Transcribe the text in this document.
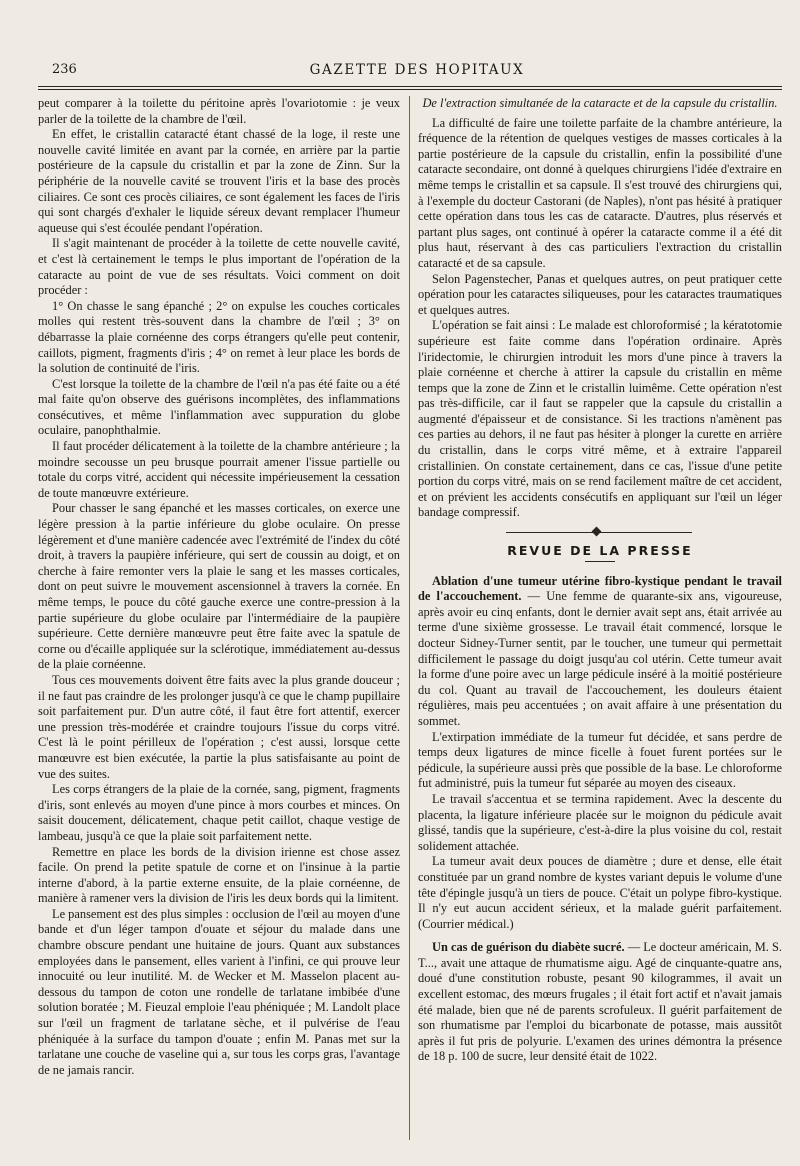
236	GAZETTE DES HOPITAUX

peut comparer à la toilette du péritoine après l'ovariotomie : je veux parler de la toilette de la chambre de l'œil.

En effet, le cristallin cataracté étant chassé de la loge, il reste une nouvelle cavité limitée en avant par la cornée, en arrière par la partie postérieure de la capsule du cristallin et par la zone de Zinn. Sur la périphérie de la nouvelle cavité se trouvent l'iris et la base des procès ciliaires. Ce sont ces procès ciliaires, ce sont également les faces de l'iris qui sont chargés d'exhaler le liquide séreux devant remplacer l'humeur aqueuse qui s'est écoulée pendant l'opération.

Il s'agit maintenant de procéder à la toilette de cette nouvelle cavité, et c'est là certainement le temps le plus important de l'opération de la cataracte au point de vue de ses résultats. Voici comment on doit procéder :

1° On chasse le sang épanché ; 2° on expulse les couches corticales molles qui restent très-souvent dans la chambre de l'œil ; 3° on débarrasse la plaie cornéenne des corps étrangers qu'elle peut contenir, caillots, pigment, fragments d'iris ; 4° on remet à leur place les bords de la solution de continuité de l'iris.

C'est lorsque la toilette de la chambre de l'œil n'a pas été faite ou a été mal faite qu'on observe des guérisons incomplètes, des inflammations consécutives, et même l'inflammation avec suppuration du globe oculaire, panophthalmie.

Il faut procéder délicatement à la toilette de la chambre antérieure ; la moindre secousse un peu brusque pourrait amener l'issue partielle ou totale du corps vitré, accident qui nécessite impérieusement la cessation de toute manœuvre extérieure.

Pour chasser le sang épanché et les masses corticales, on exerce une légère pression à la partie inférieure du globe oculaire. On presse légèrement et d'une manière cadencée avec l'extrémité de l'index du côté droit, à travers la paupière inférieure, qui sert de coussin au doigt, et on cherche à faire remonter vers la plaie le sang et les masses corticales, dont on peut suivre le mouvement ascensionnel à travers la cornée. En même temps, le pouce du côté gauche exerce une contre-pression à la partie supérieure du globe oculaire par l'intermédiaire de la paupière supérieure. Cette dernière manœuvre peut être faite avec la spatule de corne ou d'écaille appliquée sur la sclérotique, immédiatement au-dessus de la plaie cornéenne.

Tous ces mouvements doivent être faits avec la plus grande douceur ; il ne faut pas craindre de les prolonger jusqu'à ce que le champ pupillaire soit parfaitement pur. D'un autre côté, il faut être fort attentif, exercer une pression très-modérée et craindre toujours l'issue du corps vitré. C'est là le point périlleux de l'opération ; c'est aussi, lorsque cette manœuvre est bien exécutée, la partie la plus satisfaisante au point de vue des suites.

Les corps étrangers de la plaie de la cornée, sang, pigment, fragments d'iris, sont enlevés au moyen d'une pince à mors courbes et minces. On saisit doucement, délicatement, chaque petit caillot, chaque vestige de lambeau, jusqu'à ce que la plaie soit parfaitement nette.

Remettre en place les bords de la division irienne est chose assez facile. On prend la petite spatule de corne et on l'insinue à la partie interne d'abord, à la partie externe ensuite, de la plaie cornéenne, de manière à ramener vers la division de l'iris les deux bords qui la limitent.

Le pansement est des plus simples : occlusion de l'œil au moyen d'une bande et d'un léger tampon d'ouate et séjour du malade dans une chambre obscure pendant une huitaine de jours. Quant aux substances employées dans le pansement, elles varient à l'infini, ce qui prouve leur innocuité ou leur inutilité. M. de Wecker et M. Masselon placent au-dessous du tampon de coton une rondelle de tarlatane imbibée d'une solution boratée ; M. Fieuzal emploie l'eau phéniquée ; M. Landolt place sur l'œil un fragment de tarlatane sèche, et il pulvérise de l'eau phéniquée à la surface du tampon d'ouate ; enfin M. Panas met sur la tarlatane une couche de vaseline qui a, sur tous les corps gras, l'avantage de ne jamais rancir.

De l'extraction simultanée de la cataracte et de la capsule du cristallin.

La difficulté de faire une toilette parfaite de la chambre antérieure, la fréquence de la rétention de quelques vestiges de masses corticales à la partie postérieure de la capsule du cristallin, enfin la possibilité d'une cataracte secondaire, ont donné à quelques chirurgiens l'idée d'extraire en même temps le cristallin et sa capsule. Il s'est trouvé des chirurgiens qui, à l'exemple du docteur Castorani (de Naples), n'ont pas hésité à pratiquer cette opération dans tous les cas de cataracte. D'autres, plus réservés et partant plus sages, ont continué à opérer la cataracte comme il a été dit plus haut, réservant à des cas particuliers l'extraction du cristallin cataracté et de sa capsule.

Selon Pagenstecher, Panas et quelques autres, on peut pratiquer cette opération pour les cataractes siliqueuses, pour les cataractes traumatiques et quelques autres.

L'opération se fait ainsi : Le malade est chloroformisé ; la kératotomie supérieure est faite comme dans l'opération ordinaire. Après l'iridectomie, le chirurgien introduit les mors d'une pince à travers la plaie cornéenne et cherche à attirer la capsule du cristallin en même temps que la zone de Zinn et le cristallin luimême. Cette opération n'est pas très-difficile, car il faut se rappeler que la capsule du cristallin a augmenté d'épaisseur et de consistance. Si les tractions n'amènent pas ces parties au dehors, il ne faut pas hésiter à plonger la curette en arrière du cristallin, dans le corps vitré même, et à extraire l'appareil cristallinien. On constate certainement, dans ce cas, l'issue d'une petite portion du corps vitré, mais on se rend facilement maître de cet accident, et on prévient les accidents consécutifs en appliquant sur l'œil un léger bandage compressif.

REVUE DE LA PRESSE

Ablation d'une tumeur utérine fibro-kystique pendant le travail de l'accouchement. — Une femme de quarante-six ans, vigoureuse, après avoir eu cinq enfants, dont le dernier avait sept ans, était arrivée au terme d'une sixième grossesse. Le travail était commencé, lorsque le docteur Sidney-Turner sentit, par le toucher, une tumeur qui permettait difficilement le passage du doigt jusqu'au col utérin. Cette tumeur avait la forme d'une poire avec un large pédicule inséré à la moitié postérieure du col. Quant au travail de l'accouchement, les douleurs étaient régulières, mais peu accentuées ; on avait affaire à une présentation du sommet.

L'extirpation immédiate de la tumeur fut décidée, et sans perdre de temps deux ligatures de mince ficelle à fouet furent portées sur le pédicule, la supérieure aussi près que possible de la base. Le chloroforme fut administré, puis la tumeur fut séparée au moyen des ciseaux.

Le travail s'accentua et se termina rapidement. Avec la descente du placenta, la ligature inférieure placée sur le moignon du pédicule avait glissé, tandis que la supérieure, c'est-à-dire la plus voisine du col, restait solidement attachée.

La tumeur avait deux pouces de diamètre ; dure et dense, elle était constituée par un grand nombre de kystes variant depuis le volume d'une tête d'épingle jusqu'à un tiers de pouce. C'était un polype fibro-kystique. Il n'y eut aucun accident sérieux, et la malade guérit parfaitement. (Courrier médical.)

Un cas de guérison du diabète sucré. — Le docteur américain, M. S. T..., avait une attaque de rhumatisme aigu. Agé de cinquante-quatre ans, doué d'une constitution robuste, pesant 90 kilogrammes, il avait un excellent estomac, des mœurs frugales ; il était fort actif et n'avait jamais été malade, bien que né de parents scrofuleux. Il guérit parfaitement de son rhumatisme par l'emploi du bicarbonate de potasse, mais aussitôt après il fut pris de polyurie. L'examen des urines démontra la présence de 18 p. 100 de sucre, leur densité était de 1022.
